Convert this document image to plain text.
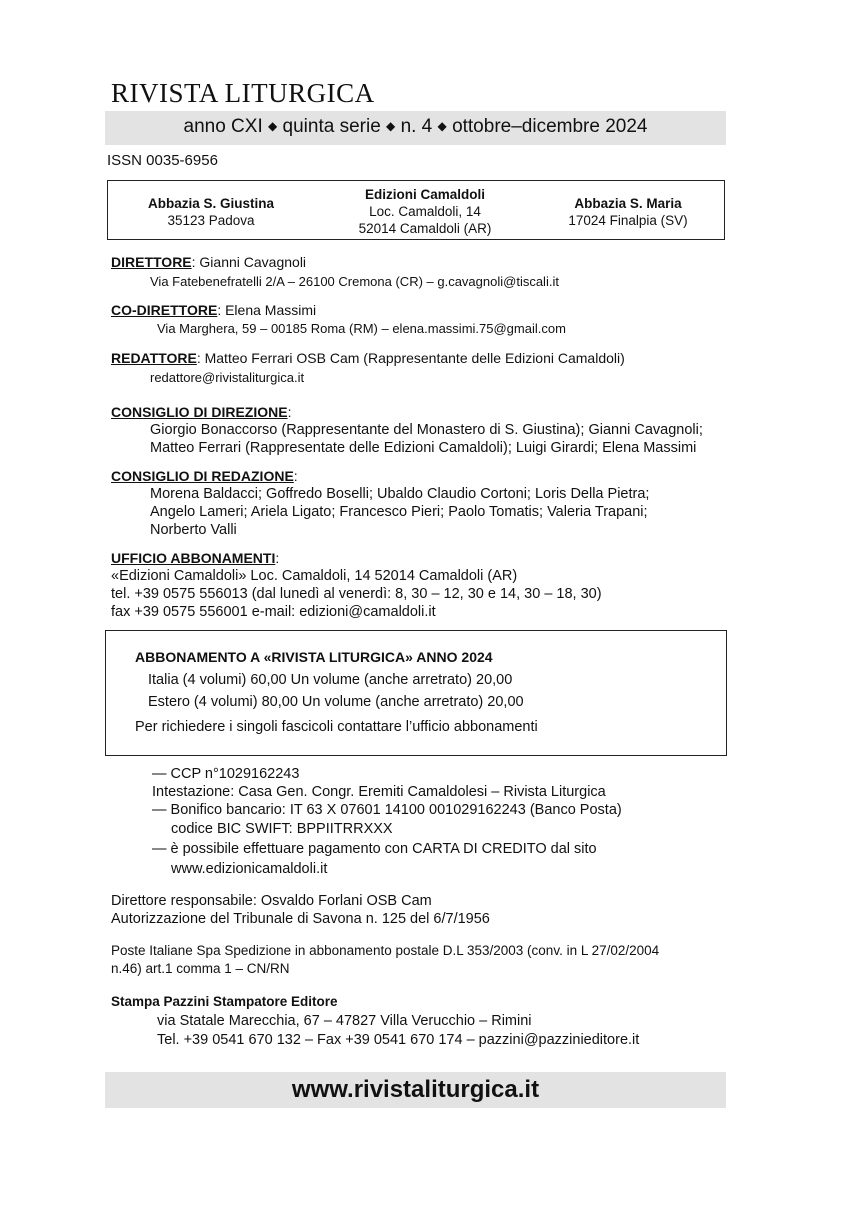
RIVISTA LITURGICA
anno CXI ◆ quinta serie ◆ n. 4 ◆ ottobre–dicembre 2024
ISSN 0035-6956
Abbazia S. Giustina
35123 Padova
Edizioni Camaldoli
Loc. Camaldoli, 14
52014 Camaldoli (AR)
Abbazia S. Maria
17024 Finalpia (SV)
DIRETTORE: Gianni Cavagnoli
Via Fatebenefratelli 2/A – 26100 Cremona (CR) – g.cavagnoli@tiscali.it
CO-DIRETTORE: Elena Massimi
Via Marghera, 59 – 00185 Roma (RM) – elena.massimi.75@gmail.com
REDATTORE: Matteo Ferrari OSB Cam (Rappresentante delle Edizioni Camaldoli)
redattore@rivistaliturgica.it
CONSIGLIO DI DIREZIONE:
Giorgio Bonaccorso (Rappresentante del Monastero di S. Giustina); Gianni Cavagnoli;
Matteo Ferrari (Rappresentate delle Edizioni Camaldoli); Luigi Girardi; Elena Massimi
CONSIGLIO DI REDAZIONE:
Morena Baldacci; Goffredo Boselli; Ubaldo Claudio Cortoni; Loris Della Pietra;
Angelo Lameri; Ariela Ligato; Francesco Pieri; Paolo Tomatis; Valeria Trapani;
Norberto Valli
UFFICIO ABBONAMENTI:
«Edizioni Camaldoli» Loc. Camaldoli, 14 52014 Camaldoli (AR)
tel. +39 0575 556013 (dal lunedì al venerdì: 8, 30 – 12, 30 e 14, 30 – 18, 30)
fax +39 0575 556001 e-mail: edizioni@camaldoli.it
ABBONAMENTO A «RIVISTA LITURGICA» ANNO 2024
Italia (4 volumi) 60,00 Un volume (anche arretrato) 20,00
Estero (4 volumi) 80,00 Un volume (anche arretrato) 20,00
Per richiedere i singoli fascicoli contattare l’ufficio abbonamenti
— CCP n°1029162243
Intestazione: Casa Gen. Congr. Eremiti Camaldolesi – Rivista Liturgica
— Bonifico bancario: IT 63 X 07601 14100 001029162243 (Banco Posta)
codice BIC SWIFT: BPPIITRRXXX
— è possibile effettuare pagamento con CARTA DI CREDITO dal sito
www.edizionicamaldoli.it
Direttore responsabile: Osvaldo Forlani OSB Cam
Autorizzazione del Tribunale di Savona n. 125 del 6/7/1956
Poste Italiane Spa Spedizione in abbonamento postale D.L 353/2003 (conv. in L 27/02/2004
n.46) art.1 comma 1 – CN/RN
Stampa Pazzini Stampatore Editore
via Statale Marecchia, 67 – 47827 Villa Verucchio – Rimini
Tel. +39 0541 670 132 – Fax +39 0541 670 174 – pazzini@pazzinieditore.it
www.rivistaliturgica.it
